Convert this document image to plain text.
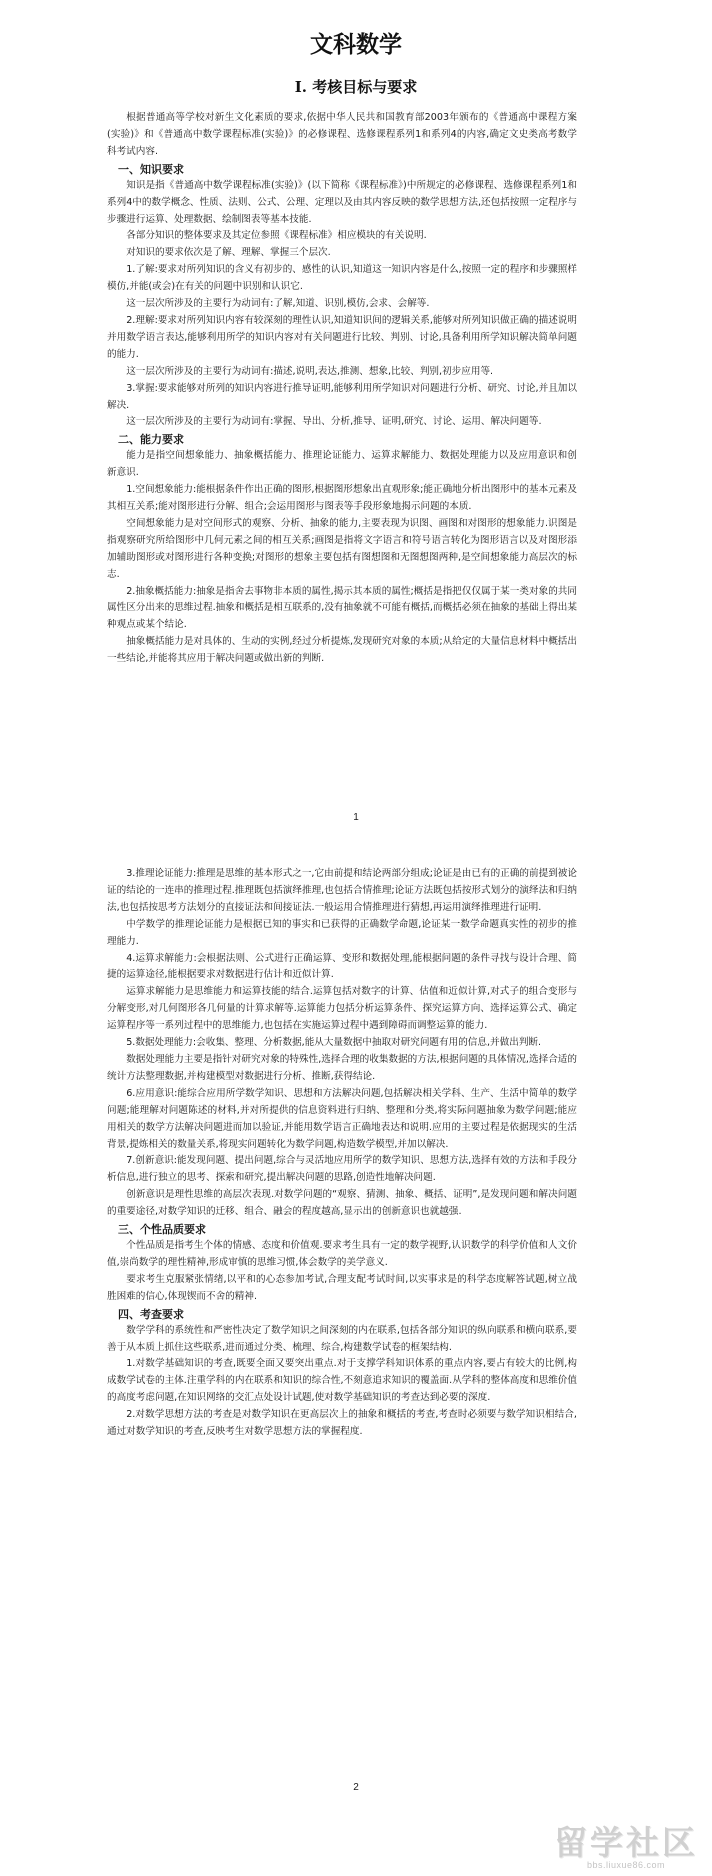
文科数学
Ⅰ. 考核目标与要求

根据普通高等学校对新生文化素质的要求,依据中华人民共和国教育部2003年颁布的《普通高中课程方案(实验)》和《普通高中数学课程标准(实验)》的必修课程、选修课程系列1和系列4的内容,确定文史类高考数学科考试内容.

一、知识要求

知识是指《普通高中数学课程标准(实验)》(以下简称《课程标准》)中所规定的必修课程、选修课程系列1和系列4中的数学概念、性质、法则、公式、公理、定理以及由其内容反映的数学思想方法,还包括按照一定程序与步骤进行运算、处理数据、绘制图表等基本技能.

各部分知识的整体要求及其定位参照《课程标准》相应模块的有关说明.

对知识的要求依次是了解、理解、掌握三个层次.

1.了解:要求对所列知识的含义有初步的、感性的认识,知道这一知识内容是什么,按照一定的程序和步骤照样模仿,并能(或会)在有关的问题中识别和认识它.

这一层次所涉及的主要行为动词有:了解,知道、识别,模仿,会求、会解等.

2.理解:要求对所列知识内容有较深刻的理性认识,知道知识间的逻辑关系,能够对所列知识做正确的描述说明并用数学语言表达,能够利用所学的知识内容对有关问题进行比较、判别、讨论,具备利用所学知识解决简单问题的能力.

这一层次所涉及的主要行为动词有:描述,说明,表达,推测、想象,比较、判别,初步应用等.

3.掌握:要求能够对所列的知识内容进行推导证明,能够利用所学知识对问题进行分析、研究、讨论,并且加以解决.

这一层次所涉及的主要行为动词有:掌握、导出、分析,推导、证明,研究、讨论、运用、解决问题等.

二、能力要求

能力是指空间想象能力、抽象概括能力、推理论证能力、运算求解能力、数据处理能力以及应用意识和创新意识.

1.空间想象能力:能根据条件作出正确的图形,根据图形想象出直观形象;能正确地分析出图形中的基本元素及其相互关系;能对图形进行分解、组合;会运用图形与图表等手段形象地揭示问题的本质.

空间想象能力是对空间形式的观察、分析、抽象的能力,主要表现为识图、画图和对图形的想象能力.识图是指观察研究所给图形中几何元素之间的相互关系;画图是指将文字语言和符号语言转化为图形语言以及对图形添加辅助图形或对图形进行各种变换;对图形的想象主要包括有图想图和无图想图两种,是空间想象能力高层次的标志.

2.抽象概括能力:抽象是指舍去事物非本质的属性,揭示其本质的属性;概括是指把仅仅属于某一类对象的共同属性区分出来的思维过程.抽象和概括是相互联系的,没有抽象就不可能有概括,而概括必须在抽象的基础上得出某种观点或某个结论.

抽象概括能力是对具体的、生动的实例,经过分析提炼,发现研究对象的本质;从给定的大量信息材料中概括出一些结论,并能将其应用于解决问题或做出新的判断.

1

3.推理论证能力:推理是思维的基本形式之一,它由前提和结论两部分组成;论证是由已有的正确的前提到被论证的结论的一连串的推理过程.推理既包括演绎推理,也包括合情推理;论证方法既包括按形式划分的演绎法和归纳法,也包括按思考方法划分的直接证法和间接证法.一般运用合情推理进行猜想,再运用演绎推理进行证明.

中学数学的推理论证能力是根据已知的事实和已获得的正确数学命题,论证某一数学命题真实性的初步的推理能力.

4.运算求解能力:会根据法则、公式进行正确运算、变形和数据处理,能根据问题的条件寻找与设计合理、简捷的运算途径,能根据要求对数据进行估计和近似计算.

运算求解能力是思维能力和运算技能的结合.运算包括对数字的计算、估值和近似计算,对式子的组合变形与分解变形,对几何图形各几何量的计算求解等.运算能力包括分析运算条件、探究运算方向、选择运算公式、确定运算程序等一系列过程中的思维能力,也包括在实施运算过程中遇到障碍而调整运算的能力.

5.数据处理能力:会收集、整理、分析数据,能从大量数据中抽取对研究问题有用的信息,并做出判断.

数据处理能力主要是指针对研究对象的特殊性,选择合理的收集数据的方法,根据问题的具体情况,选择合适的统计方法整理数据,并构建模型对数据进行分析、推断,获得结论.

6.应用意识:能综合应用所学数学知识、思想和方法解决问题,包括解决相关学科、生产、生活中简单的数学问题;能理解对问题陈述的材料,并对所提供的信息资料进行归纳、整理和分类,将实际问题抽象为数学问题;能应用相关的数学方法解决问题进而加以验证,并能用数学语言正确地表达和说明.应用的主要过程是依据现实的生活背景,提炼相关的数量关系,将现实问题转化为数学问题,构造数学模型,并加以解决.

7.创新意识:能发现问题、提出问题,综合与灵活地应用所学的数学知识、思想方法,选择有效的方法和手段分析信息,进行独立的思考、探索和研究,提出解决问题的思路,创造性地解决问题.

创新意识是理性思维的高层次表现.对数学问题的“观察、猜测、抽象、概括、证明”,是发现问题和解决问题的重要途径,对数学知识的迁移、组合、融会的程度越高,显示出的创新意识也就越强.

三、个性品质要求

个性品质是指考生个体的情感、态度和价值观.要求考生具有一定的数学视野,认识数学的科学价值和人文价值,崇尚数学的理性精神,形成审慎的思维习惯,体会数学的美学意义.

要求考生克服紧张情绪,以平和的心态参加考试,合理支配考试时间,以实事求是的科学态度解答试题,树立战胜困难的信心,体现锲而不舍的精神.

四、考查要求

数学学科的系统性和严密性决定了数学知识之间深刻的内在联系,包括各部分知识的纵向联系和横向联系,要善于从本质上抓住这些联系,进而通过分类、梳理、综合,构建数学试卷的框架结构.

1.对数学基础知识的考查,既要全面又要突出重点.对于支撑学科知识体系的重点内容,要占有较大的比例,构成数学试卷的主体.注重学科的内在联系和知识的综合性,不刻意追求知识的覆盖面.从学科的整体高度和思维价值的高度考虑问题,在知识网络的交汇点处设计试题,使对数学基础知识的考查达到必要的深度.

2.对数学思想方法的考查是对数学知识在更高层次上的抽象和概括的考查,考查时必须要与数学知识相结合,通过对数学知识的考查,反映考生对数学思想方法的掌握程度.

2
留学社区
bbs.liuxue86.com
